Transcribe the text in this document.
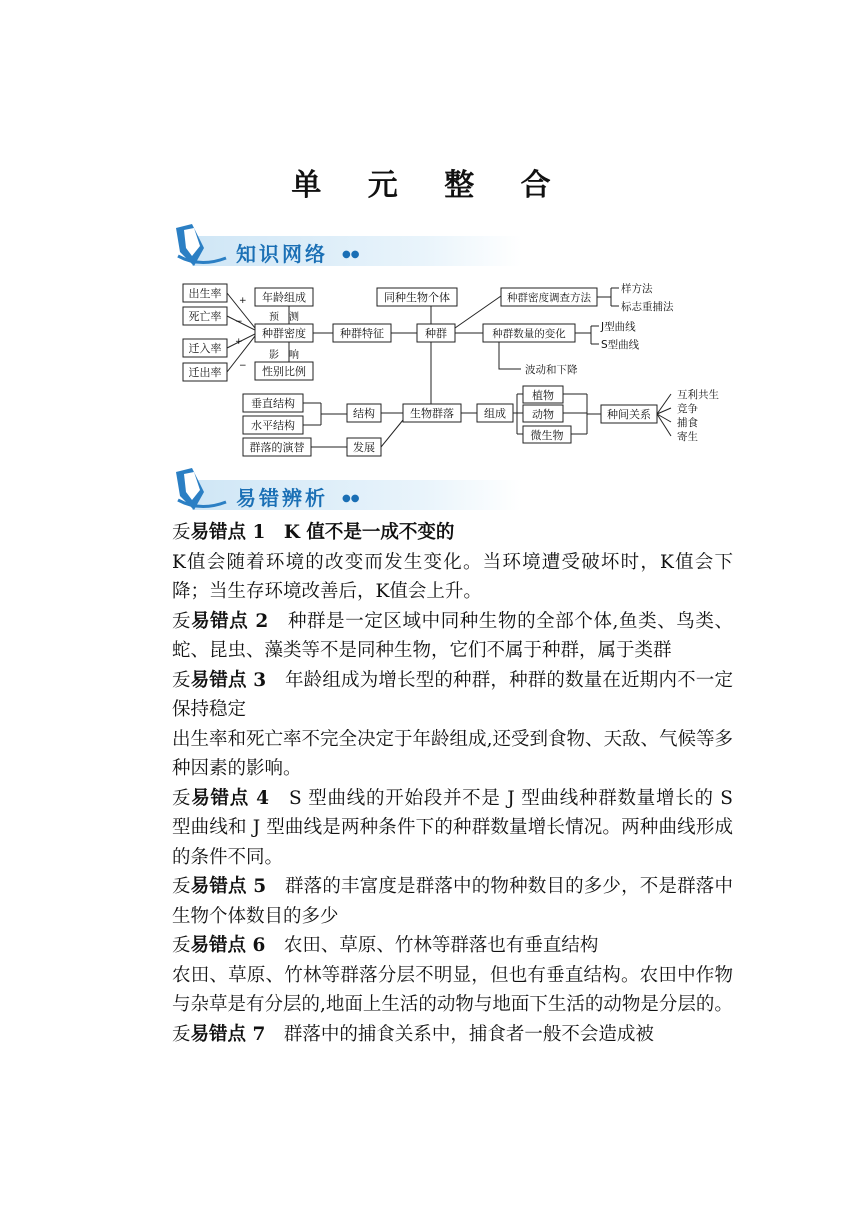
单 元 整 合
知识网络 ●●
出生率
死亡率
迁入率
迁出率
+
−
+
−
年龄组成
预　测
种群密度
影　响
性别比例
种群特征
同种生物个体
种群
种群密度调查方法
样方法
标志重捕法
种群数量的变化
J型曲线
S型曲线
波动和下降
垂直结构
水平结构
群落的演替
结构
发展
生物群落	组成
植物
动物
微生物
种间关系
互利共生
竞争
捕食
寄生
易错辨析 ●●

叐易错点 1　K 值不是一成不变的

K值会随着环境的改变而发生变化。当环境遭受破坏时，K值会下降；当生存环境改善后，K值会上升。

叐易错点 2　种群是一定区域中同种生物的全部个体,鱼类、鸟类、蛇、昆虫、藻类等不是同种生物，它们不属于种群，属于类群

叐易错点 3　年龄组成为增长型的种群，种群的数量在近期内不一定保持稳定

出生率和死亡率不完全决定于年龄组成,还受到食物、天敌、气候等多种因素的影响。

叐易错点 4　S 型曲线的开始段并不是 J 型曲线种群数量增长的 S 型曲线和 J 型曲线是两种条件下的种群数量增长情况。两种曲线形成的条件不同。

叐易错点 5　群落的丰富度是群落中的物种数目的多少，不是群落中生物个体数目的多少

叐易错点 6　农田、草原、竹林等群落也有垂直结构

农田、草原、竹林等群落分层不明显，但也有垂直结构。农田中作物与杂草是有分层的,地面上生活的动物与地面下生活的动物是分层的。

叐易错点 7　群落中的捕食关系中，捕食者一般不会造成被
